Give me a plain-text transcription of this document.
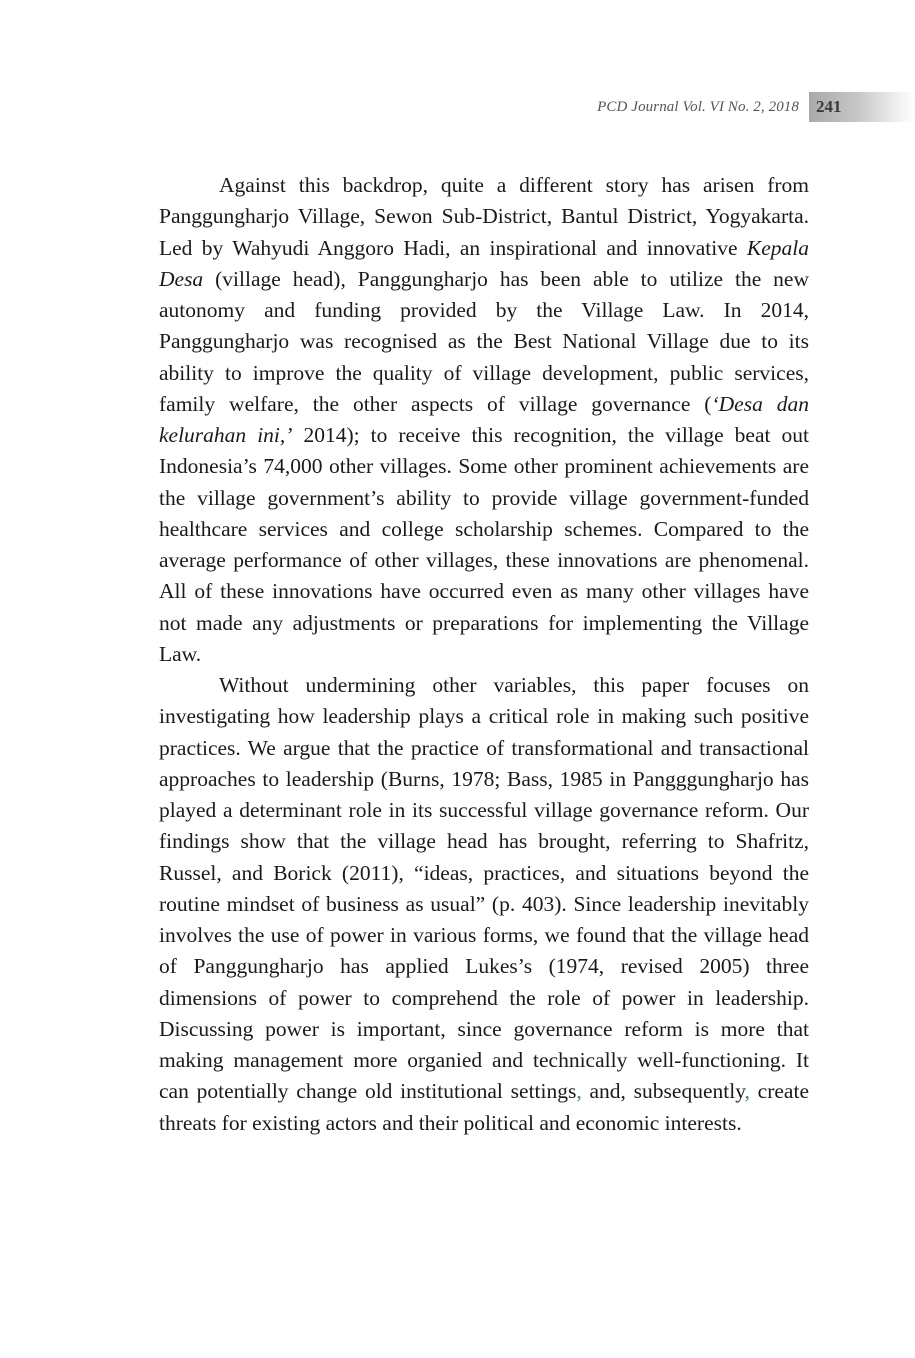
PCD Journal Vol. VI No. 2, 2018 241

Against this backdrop, quite a different story has arisen from Panggungharjo Village, Sewon Sub-District, Bantul District, Yogyakarta. Led by Wahyudi Anggoro Hadi, an inspirational and innovative Kepala Desa (village head), Panggungharjo has been able to utilize the new autonomy and funding provided by the Village Law. In 2014, Panggungharjo was recognised as the Best National Village due to its ability to improve the quality of village development, public services, family welfare, the other aspects of village governance (‘Desa dan kelurahan ini,’ 2014); to receive this recognition, the village beat out Indonesia’s 74,000 other villages. Some other prominent achievements are the village government’s ability to provide village government-funded healthcare services and college scholarship schemes. Compared to the average performance of other villages, these innovations are phenomenal. All of these innovations have occurred even as many other villages have not made any adjustments or preparations for implementing the Village Law.

Without undermining other variables, this paper focuses on investigating how leadership plays a critical role in making such positive practices. We argue that the practice of transformational and transactional approaches to leadership (Burns, 1978; Bass, 1985 in Pangggungharjo has played a determinant role in its successful village governance reform. Our findings show that the village head has brought, referring to Shafritz, Russel, and Borick (2011), “ideas, practices, and situations beyond the routine mindset of business as usual” (p. 403). Since leadership inevitably involves the use of power in various forms, we found that the village head of Panggungharjo has applied Lukes’s (1974, revised 2005) three dimensions of power to comprehend the role of power in leadership. Discussing power is important, since governance reform is more that making management more organied and technically well-functioning. It can potentially change old institutional settings, and, subsequently, create threats for existing actors and their political and economic interests.
